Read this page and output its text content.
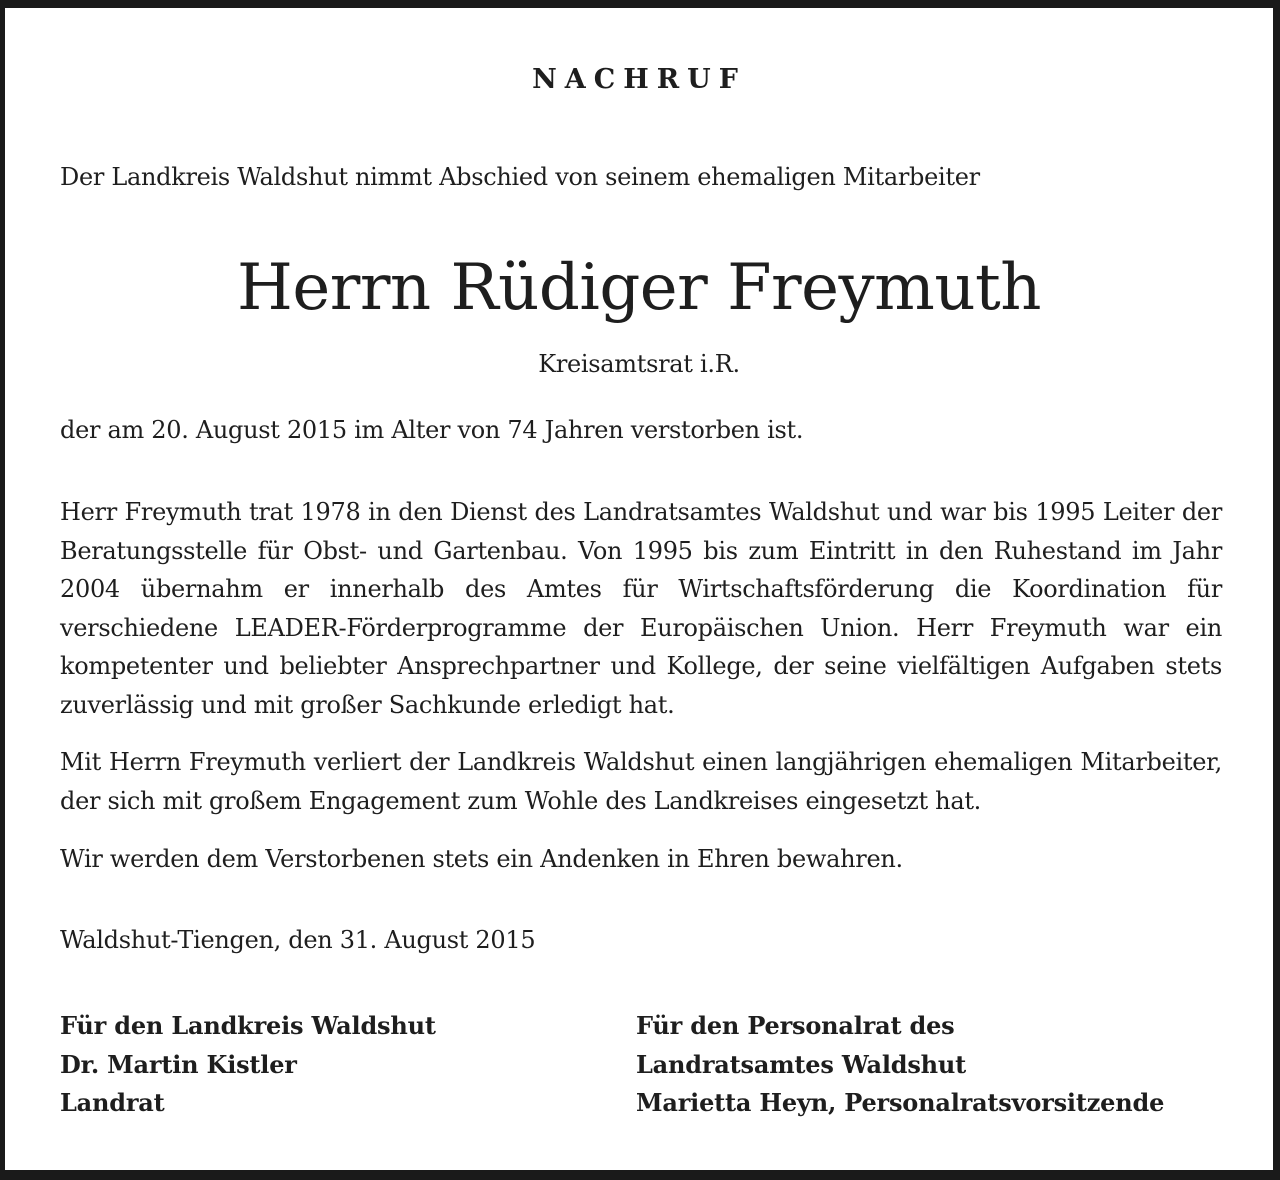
NACHRUF
Der Landkreis Waldshut nimmt Abschied von seinem ehemaligen Mitarbeiter
Herrn Rüdiger Freymuth
Kreisamtsrat i.R.
der am 20. August 2015 im Alter von 74 Jahren verstorben ist.

Herr Freymuth trat 1978 in den Dienst des Landratsamtes Waldshut und war bis 1995 Leiter der Beratungsstelle für Obst- und Gartenbau. Von 1995 bis zum Eintritt in den Ruhestand im Jahr 2004 übernahm er innerhalb des Amtes für Wirtschaftsförderung die Koordination für verschiedene LEADER-Förderprogramme der Europäischen Union. Herr Freymuth war ein kompetenter und beliebter Ansprechpartner und Kollege, der seine vielfältigen Aufgaben stets zuverlässig und mit großer Sachkunde erledigt hat.

Mit Herrn Freymuth verliert der Landkreis Waldshut einen langjährigen ehemaligen Mitarbeiter, der sich mit großem Engagement zum Wohle des Landkreises eingesetzt hat.

Wir werden dem Verstorbenen stets ein Andenken in Ehren bewahren.

Waldshut-Tiengen, den 31. August 2015
Für den Landkreis Waldshut
Dr. Martin Kistler
Landrat
Für den Personalrat des
Landratsamtes Waldshut
Marietta Heyn, Personalratsvorsitzende
